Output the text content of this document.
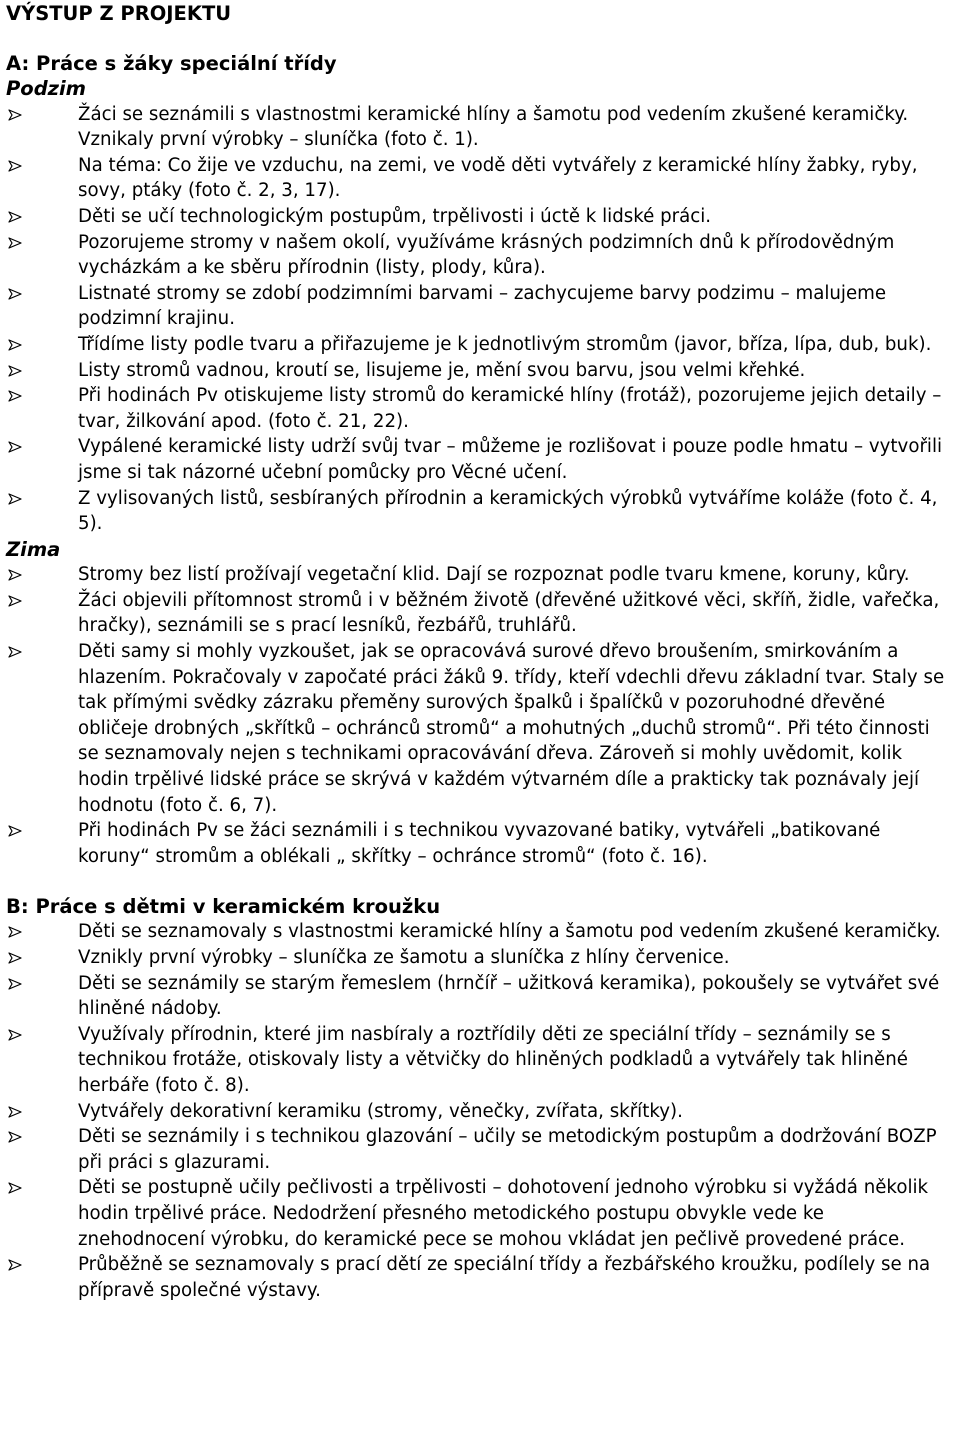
VÝSTUP Z PROJEKTU
A: Práce s žáky speciální třídy
Podzim
Žáci se seznámili s vlastnostmi keramické hlíny a šamotu pod vedením zkušené keramičky. Vznikaly první výrobky – sluníčka (foto č. 1).
Na téma: Co žije ve vzduchu, na zemi, ve vodě děti vytvářely z keramické hlíny žabky, ryby, sovy, ptáky (foto č. 2, 3, 17).
Děti se učí technologickým postupům, trpělivosti i úctě k lidské práci.
Pozorujeme stromy v našem okolí, využíváme krásných podzimních dnů k přírodovědným vycházkám a ke sběru přírodnin (listy, plody, kůra).
Listnaté stromy se zdobí podzimními barvami – zachycujeme barvy podzimu – malujeme podzimní krajinu.
Třídíme listy podle tvaru a přiřazujeme je k jednotlivým stromům (javor, bříza, lípa, dub, buk).
Listy stromů vadnou, kroutí se, lisujeme je, mění svou barvu, jsou velmi křehké.
Při hodinách Pv otiskujeme listy stromů do keramické hlíny (frotáž), pozorujeme jejich detaily – tvar, žilkování apod. (foto č. 21, 22).
Vypálené keramické listy udrží svůj tvar – můžeme je rozlišovat i pouze podle hmatu – vytvořili jsme si tak názorné učební pomůcky pro Věcné učení.
Z vylisovaných listů, sesbíraných přírodnin a keramických výrobků vytváříme koláže (foto č. 4, 5).
Zima
Stromy bez listí prožívají vegetační klid. Dají se rozpoznat podle tvaru kmene, koruny, kůry.
Žáci objevili přítomnost stromů i v běžném životě (dřevěné užitkové věci, skříň, židle, vařečka, hračky), seznámili se s prací lesníků, řezbářů, truhlářů.
Děti samy si mohly vyzkoušet, jak se opracovává surové dřevo broušením, smirkováním a hlazením. Pokračovaly v započaté práci žáků 9. třídy, kteří vdechli dřevu základní tvar. Staly se tak přímými svědky zázraku přeměny surových špalků i špalíčků v pozoruhodné dřevěné obličeje drobných „skřítků – ochránců stromů“ a mohutných „duchů stromů“. Při této činnosti se seznamovaly nejen s technikami opracovávání dřeva. Zároveň si mohly uvědomit, kolik hodin trpělivé lidské práce se skrývá v každém výtvarném díle a prakticky tak poznávaly její hodnotu (foto č. 6, 7).
Při hodinách Pv se žáci seznámili i s technikou vyvazované batiky, vytvářeli „batikované koruny“ stromům a oblékali „ skřítky – ochránce stromů“ (foto č. 16).
B: Práce s dětmi v keramickém kroužku
Děti se seznamovaly s vlastnostmi keramické hlíny a šamotu pod vedením zkušené keramičky.
Vznikly první výrobky – sluníčka ze šamotu a sluníčka z hlíny červenice.
Děti se seznámily se starým řemeslem (hrnčíř – užitková keramika), pokoušely se vytvářet své hliněné nádoby.
Využívaly přírodnin, které jim nasbíraly a roztřídily děti ze speciální třídy – seznámily se s technikou frotáže, otiskovaly listy a větvičky do hliněných podkladů a vytvářely tak hliněné herbáře (foto č. 8).
Vytvářely dekorativní keramiku (stromy, věnečky, zvířata, skřítky).
Děti se seznámily i s technikou glazování – učily se metodickým postupům a dodržování BOZP při práci s glazurami.
Děti se postupně učily pečlivosti a trpělivosti – dohotovení jednoho výrobku si vyžádá několik hodin trpělivé práce. Nedodržení přesného metodického postupu obvykle vede ke znehodnocení výrobku, do keramické pece se mohou vkládat jen pečlivě provedené práce.
Průběžně se seznamovaly s prací dětí ze speciální třídy a řezbářského kroužku, podílely se na přípravě společné výstavy.
